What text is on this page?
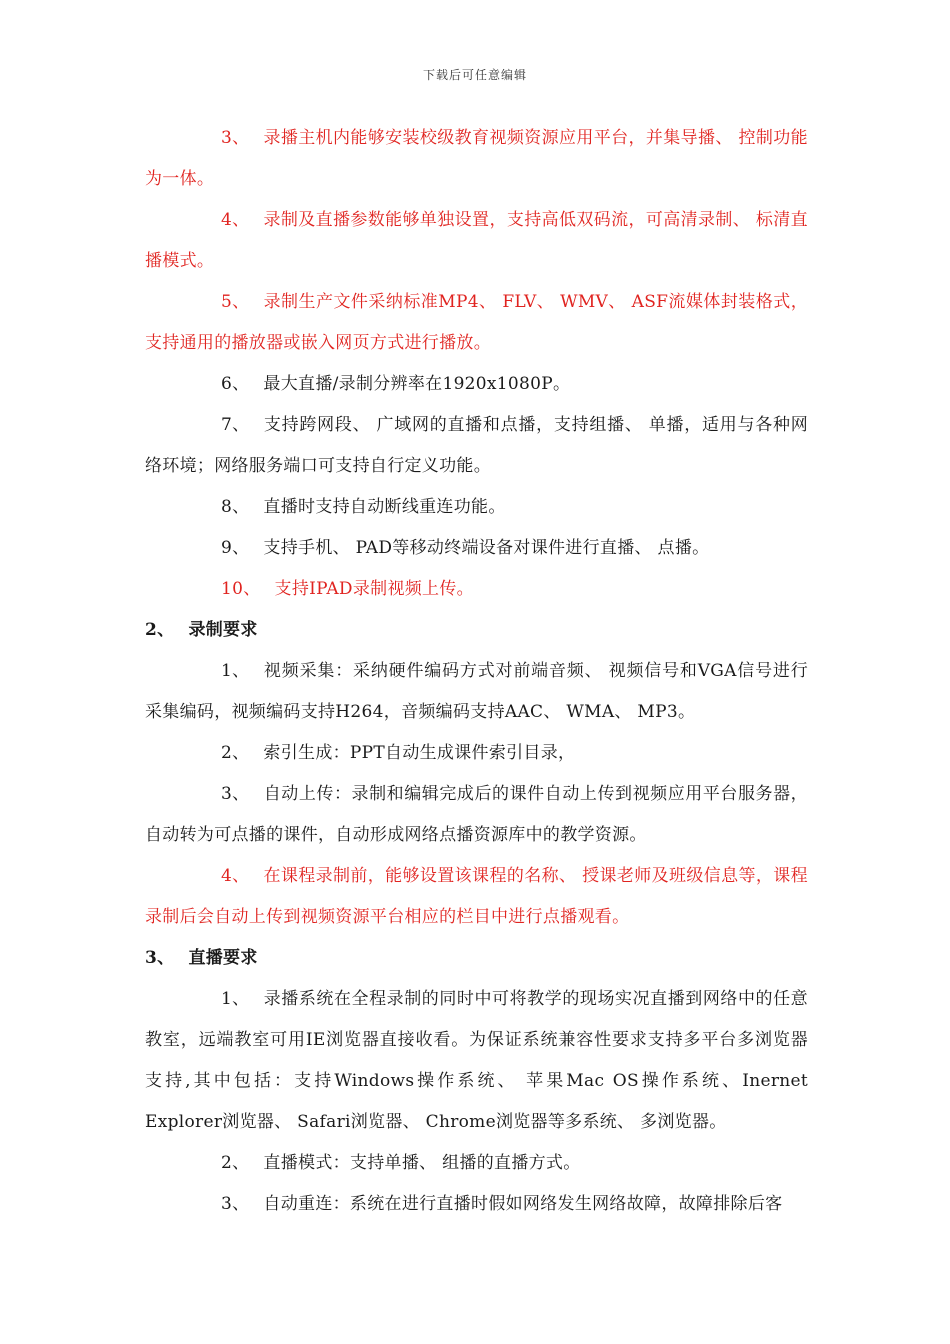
下载后可任意编辑

3、 录播主机内能够安装校级教育视频资源应用平台，并集导播、 控制功能为一体。

4、 录制及直播参数能够单独设置，支持高低双码流，可高清录制、 标清直播模式。

5、 录制生产文件采纳标准MP4、 FLV、 WMV、 ASF流媒体封装格式，支持通用的播放器或嵌入网页方式进行播放。

6、 最大直播/录制分辨率在1920x1080P。

7、 支持跨网段、 广域网的直播和点播，支持组播、 单播，适用与各种网络环境；网络服务端口可支持自行定义功能。

8、 直播时支持自动断线重连功能。

9、 支持手机、 PAD等移动终端设备对课件进行直播、 点播。

10、 支持IPAD录制视频上传。

2、 录制要求

1、 视频采集：采纳硬件编码方式对前端音频、 视频信号和VGA信号进行采集编码，视频编码支持H264，音频编码支持AAC、 WMA、 MP3。

2、 索引生成：PPT自动生成课件索引目录，

3、 自动上传：录制和编辑完成后的课件自动上传到视频应用平台服务器，自动转为可点播的课件，自动形成网络点播资源库中的教学资源。

4、 在课程录制前，能够设置该课程的名称、 授课老师及班级信息等，课程录制后会自动上传到视频资源平台相应的栏目中进行点播观看。

3、 直播要求

1、 录播系统在全程录制的同时中可将教学的现场实况直播到网络中的任意教室，远端教室可用IE浏览器直接收看。为保证系统兼容性要求支持多平台多浏览器 支持,其中包括：支持Windows操作系统、 苹果Mac OS操作系统、Inernet Explorer浏览器、 Safari浏览器、 Chrome浏览器等多系统、 多浏览器。

2、 直播模式：支持单播、 组播的直播方式。

3、 自动重连：系统在进行直播时假如网络发生网络故障，故障排除后客
